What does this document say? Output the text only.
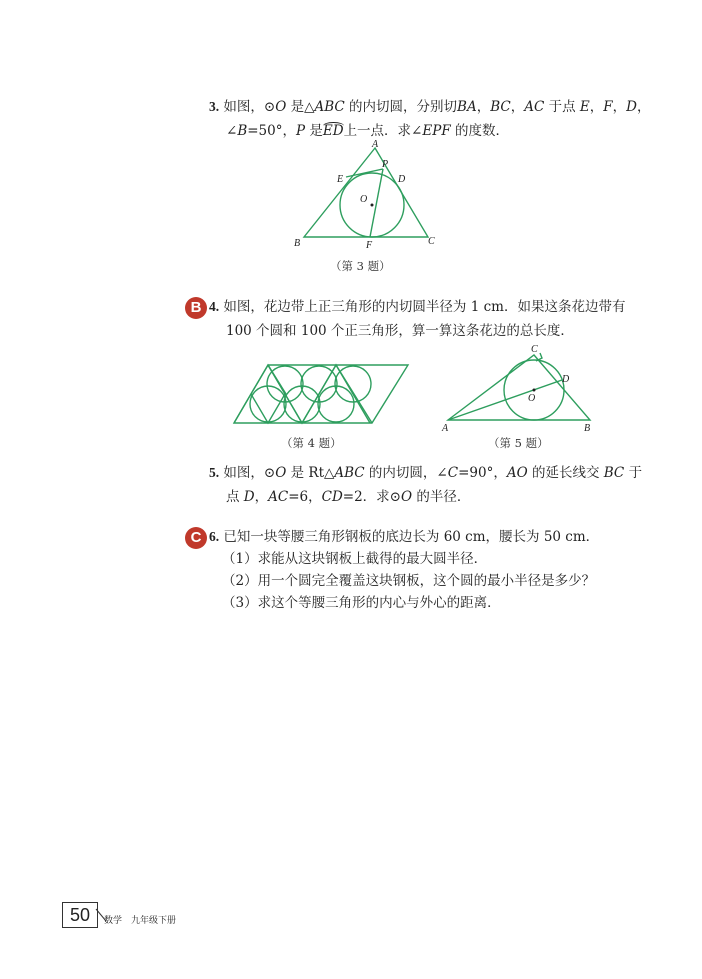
3. 如图，⊙O 是△ABC 的内切圆，分别切BA，BC，AC 于点 E，F，D，
∠B=50°，P 是ED上一点．求∠EPF 的度数．
A
B	C
D
E
F
P
O
（第 3 题）
B 4. 如图，花边带上正三角形的内切圆半径为 1 cm．如果这条花边带有
100 个圆和 100 个正三角形，算一算这条花边的总长度．
（第 4 题）
A	B
C
D
O
（第 5 题）
5. 如图，⊙O 是 Rt△ABC 的内切圆，∠C=90°，AO 的延长线交 BC 于
点 D，AC=6，CD=2．求⊙O 的半径．
C 6. 已知一块等腰三角形钢板的底边长为 60 cm，腰长为 50 cm．
（1）求能从这块钢板上截得的最大圆半径．
（2）用一个圆完全覆盖这块钢板，这个圆的最小半径是多少？
（3）求这个等腰三角形的内心与外心的距离．
50	数学　九年级下册
